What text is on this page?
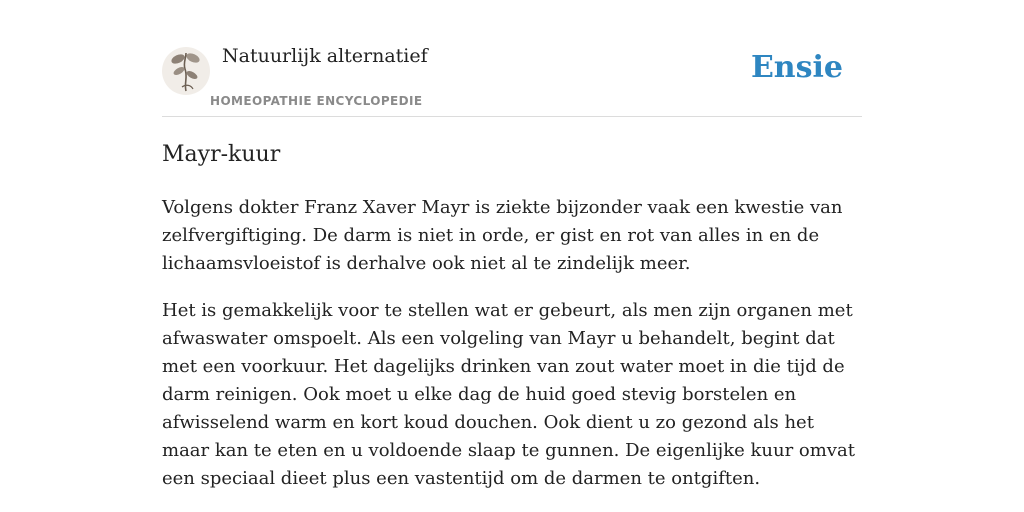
Natuurlijk alternatief
HOMEOPATHIE ENCYCLOPEDIE
Ensie
Mayr-kuur

Volgens dokter Franz Xaver Mayr is ziekte bijzonder vaak een kwestie van zelfvergiftiging. De darm is niet in orde, er gist en rot van alles in en de lichaamsvloeistof is derhalve ook niet al te zindelijk meer.

Het is gemakkelijk voor te stellen wat er gebeurt, als men zijn organen met afwaswater omspoelt. Als een volgeling van Mayr u behandelt, begint dat met een voorkuur. Het dagelijks drinken van zout water moet in die tijd de darm reinigen. Ook moet u elke dag de huid goed stevig borstelen en afwisselend warm en kort koud douchen. Ook dient u zo gezond als het maar kan te eten en u voldoende slaap te gunnen. De eigenlijke kuur omvat een speciaal dieet plus een vastentijd om de darmen te ontgiften.
